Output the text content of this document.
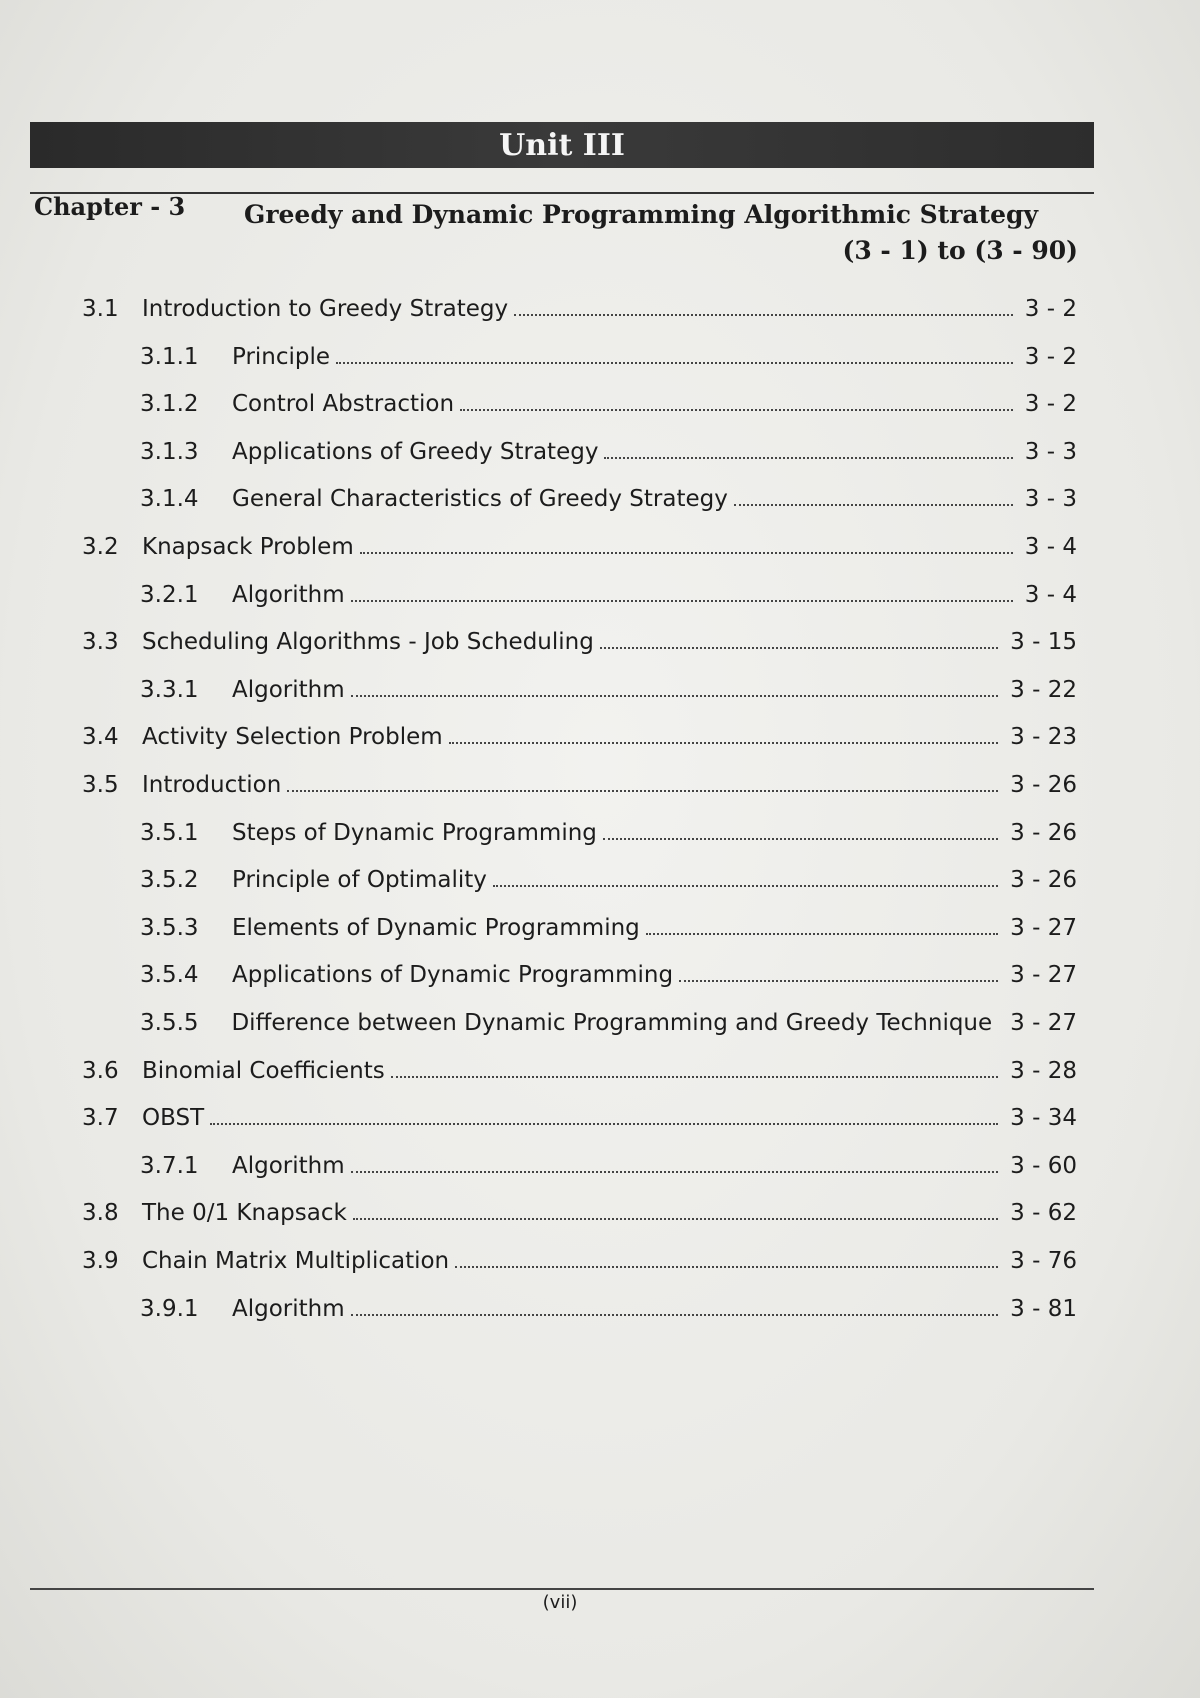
Unit III
Chapter - 3 Greedy and Dynamic Programming Algorithmic Strategy
(3 - 1) to (3 - 90)
3.1	Introduction to Greedy Strategy	3 - 2
3.1.1	Principle	3 - 2
3.1.2	Control Abstraction	3 - 2
3.1.3	Applications of Greedy Strategy	3 - 3
3.1.4	General Characteristics of Greedy Strategy	3 - 3
3.2	Knapsack Problem	3 - 4
3.2.1	Algorithm	3 - 4
3.3	Scheduling Algorithms - Job Scheduling	3 - 15
3.3.1	Algorithm	3 - 22
3.4	Activity Selection Problem	3 - 23
3.5	Introduction	3 - 26
3.5.1	Steps of Dynamic Programming	3 - 26
3.5.2	Principle of Optimality	3 - 26
3.5.3	Elements of Dynamic Programming	3 - 27
3.5.4	Applications of Dynamic Programming	3 - 27
3.5.5	Difference between Dynamic Programming and Greedy Technique 3 - 27
3.6	Binomial Coefficients	3 - 28
3.7	OBST	3 - 34
3.7.1	Algorithm	3 - 60
3.8	The 0/1 Knapsack	3 - 62
3.9	Chain Matrix Multiplication	3 - 76
3.9.1	Algorithm	3 - 81
(vii)
